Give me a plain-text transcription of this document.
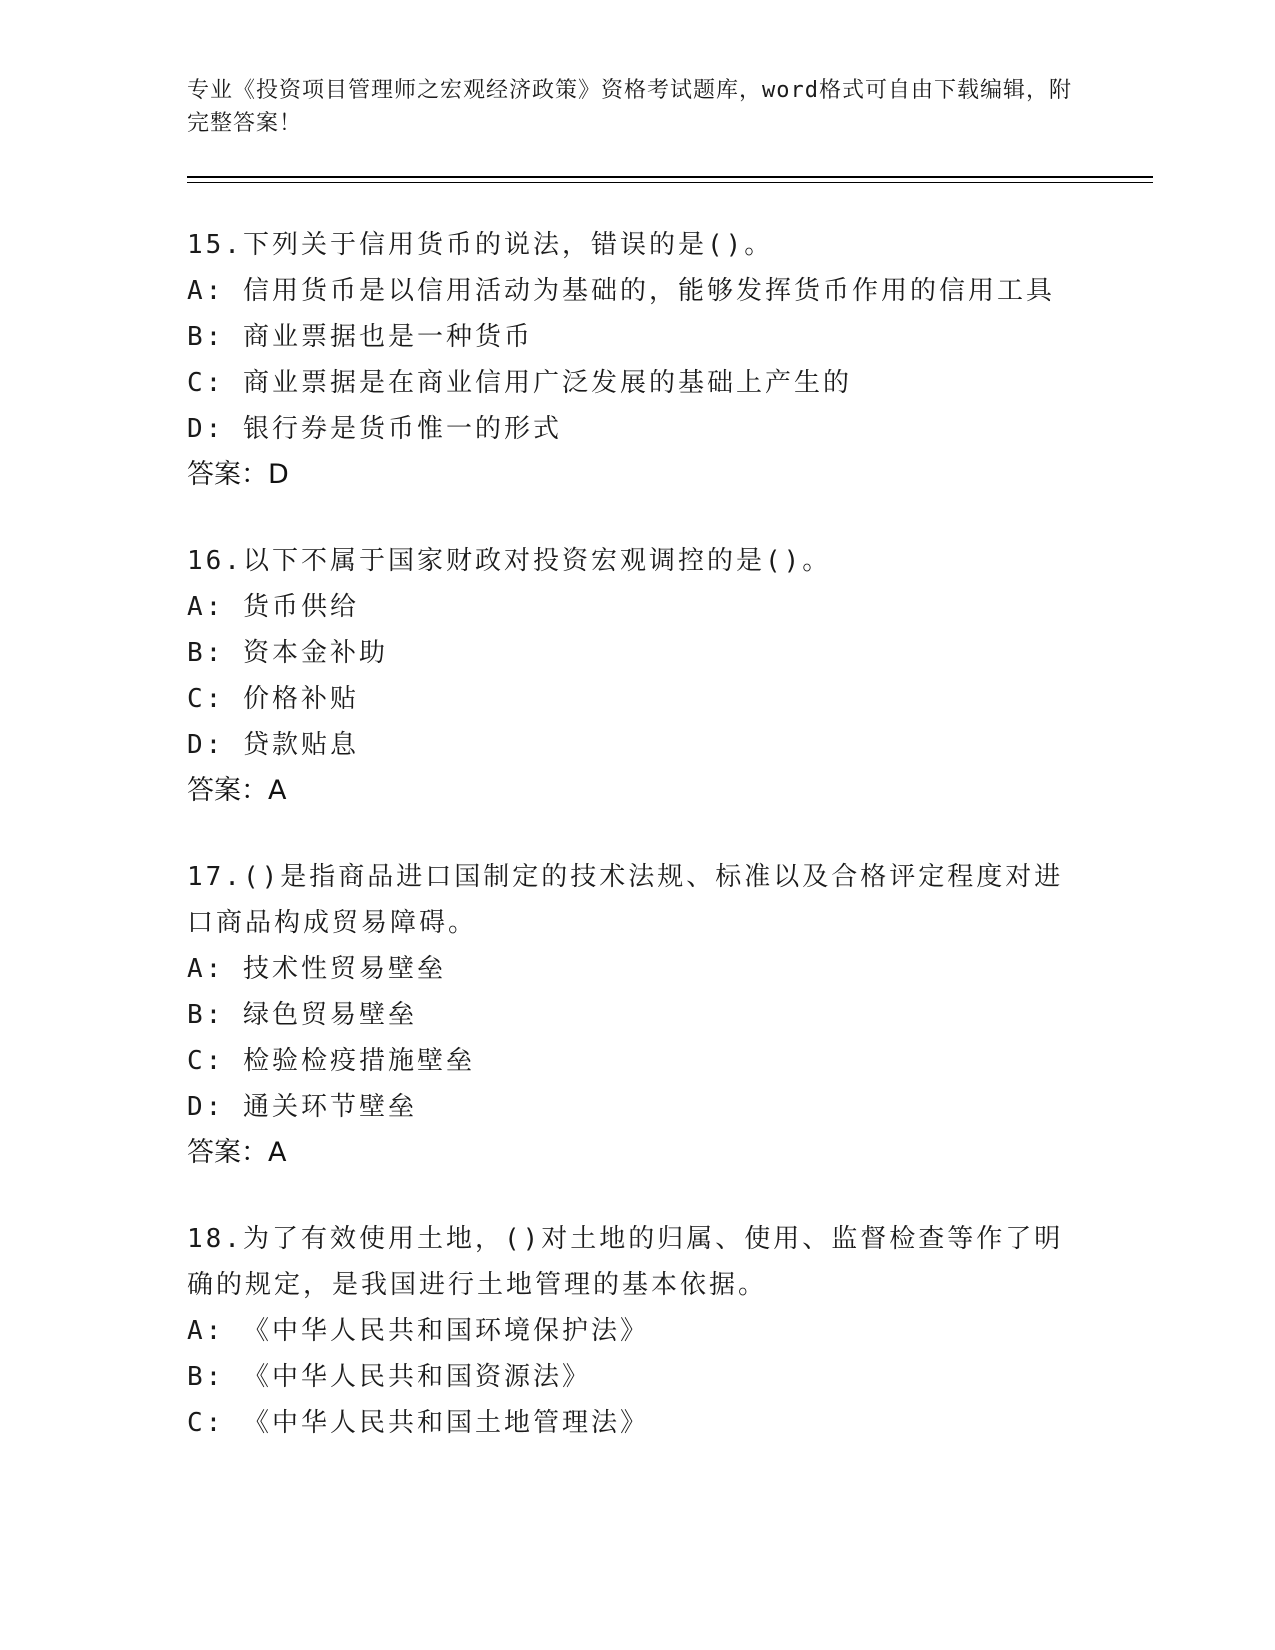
专业《投资项目管理师之宏观经济政策》资格考试题库，word格式可自由下载编辑，附完整答案！
15.下列关于信用货币的说法，错误的是()。
A: 信用货币是以信用活动为基础的，能够发挥货币作用的信用工具
B: 商业票据也是一种货币
C: 商业票据是在商业信用广泛发展的基础上产生的
D: 银行券是货币惟一的形式
答案：D
16.以下不属于国家财政对投资宏观调控的是()。
A: 货币供给
B: 资本金补助
C: 价格补贴
D: 贷款贴息
答案：A
17.()是指商品进口国制定的技术法规、标准以及合格评定程度对进口商品构成贸易障碍。
A: 技术性贸易壁垒
B: 绿色贸易壁垒
C: 检验检疫措施壁垒
D: 通关环节壁垒
答案：A
18.为了有效使用土地，()对土地的归属、使用、监督检查等作了明确的规定，是我国进行土地管理的基本依据。
A: 《中华人民共和国环境保护法》
B: 《中华人民共和国资源法》
C: 《中华人民共和国土地管理法》
